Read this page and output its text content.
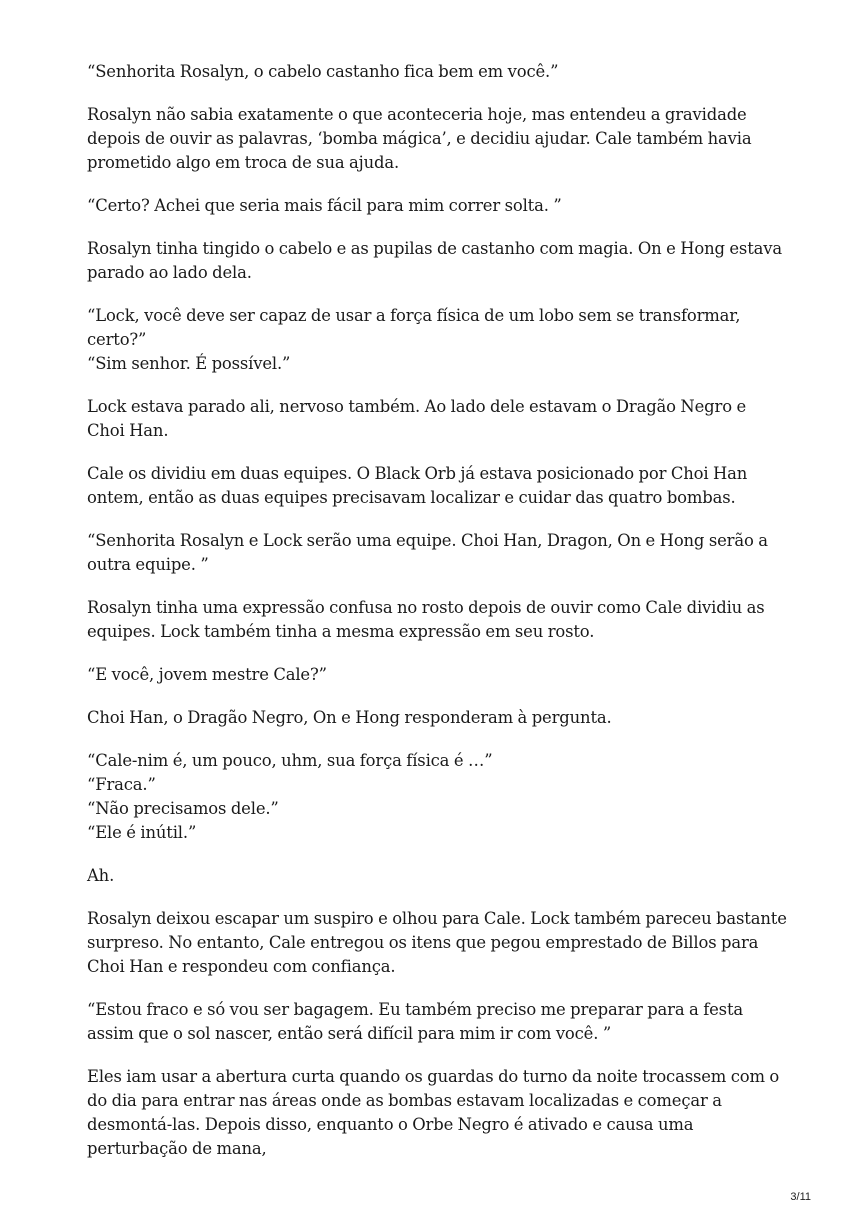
“Senhorita Rosalyn, o cabelo castanho fica bem em você.”

Rosalyn não sabia exatamente o que aconteceria hoje, mas entendeu a gravidade depois de ouvir as palavras, ‘bomba mágica’, e decidiu ajudar. Cale também havia prometido algo em troca de sua ajuda.

“Certo? Achei que seria mais fácil para mim correr solta. ”

Rosalyn tinha tingido o cabelo e as pupilas de castanho com magia. On e Hong estava parado ao lado dela.

“Lock, você deve ser capaz de usar a força física de um lobo sem se transformar, certo?”
“Sim senhor. É possível.”

Lock estava parado ali, nervoso também. Ao lado dele estavam o Dragão Negro e Choi Han.

Cale os dividiu em duas equipes. O Black Orb já estava posicionado por Choi Han ontem, então as duas equipes precisavam localizar e cuidar das quatro bombas.

“Senhorita Rosalyn e Lock serão uma equipe. Choi Han, Dragon, On e Hong serão a outra equipe. ”

Rosalyn tinha uma expressão confusa no rosto depois de ouvir como Cale dividiu as equipes. Lock também tinha a mesma expressão em seu rosto.

“E você, jovem mestre Cale?”

Choi Han, o Dragão Negro, On e Hong responderam à pergunta.

“Cale-nim é, um pouco, uhm, sua força física é …”
“Fraca.”
“Não precisamos dele.”
“Ele é inútil.”

Ah.

Rosalyn deixou escapar um suspiro e olhou para Cale. Lock também pareceu bastante surpreso. No entanto, Cale entregou os itens que pegou emprestado de Billos para Choi Han e respondeu com confiança.

“Estou fraco e só vou ser bagagem. Eu também preciso me preparar para a festa assim que o sol nascer, então será difícil para mim ir com você. ”

Eles iam usar a abertura curta quando os guardas do turno da noite trocassem com o do dia para entrar nas áreas onde as bombas estavam localizadas e começar a desmontá-las. Depois disso, enquanto o Orbe Negro é ativado e causa uma perturbação de mana,

3/11
